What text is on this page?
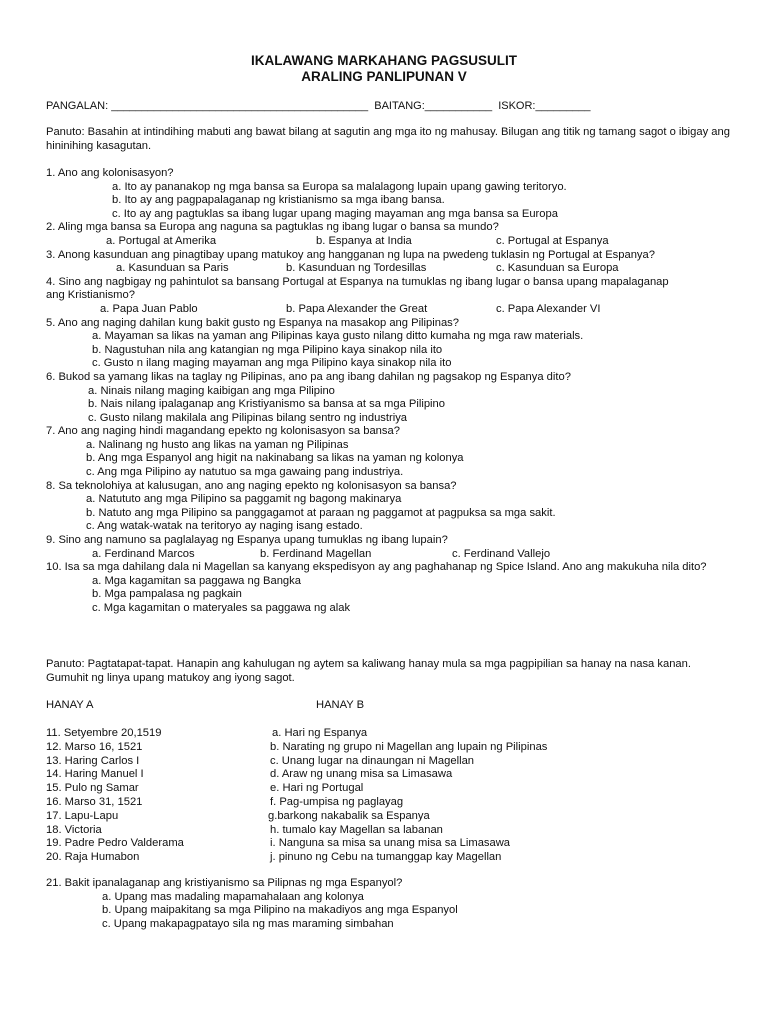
IKALAWANG MARKAHANG PAGSUSULIT
ARALING PANLIPUNAN V
PANGALAN: __________________________________________  BAITANG:___________  ISKOR:_________
Panuto: Basahin at intindihing mabuti ang bawat bilang at sagutin ang mga ito ng mahusay. Bilugan ang titik ng tamang sagot o ibigay ang hininihing kasagutan.
1. Ano ang kolonisasyon?
a. Ito ay pananakop ng mga bansa sa Europa sa malalagong lupain upang gawing teritoryo.
b. Ito ay ang pagpapalaganap ng kristianismo sa mga ibang bansa.
c. Ito ay ang pagtuklas sa ibang lugar upang maging mayaman ang mga bansa sa Europa
2. Aling mga bansa sa Europa ang naguna sa pagtuklas ng ibang lugar o bansa sa mundo?
a. Portugal at Amerika	b. Espanya at India	c. Portugal at Espanya
3. Anong kasunduan ang pinagtibay upang matukoy ang hangganan ng lupa na pwedeng tuklasin ng Portugal at Espanya?
a. Kasunduan sa Paris	b. Kasunduan ng Tordesillas	c. Kasunduan sa Europa
4. Sino ang nagbigay ng pahintulot sa bansang Portugal at Espanya na tumuklas ng ibang lugar o bansa upang mapalaganap ang Kristianismo?
a. Papa Juan Pablo	b. Papa Alexander the Great	c. Papa Alexander VI
5. Ano ang naging dahilan kung bakit gusto ng Espanya na masakop ang Pilipinas?
a. Mayaman sa likas na yaman ang Pilipinas kaya gusto nilang ditto kumaha ng mga raw materials.
b. Nagustuhan nila ang katangian ng mga Pilipino kaya sinakop nila ito
c. Gusto n ilang maging mayaman ang mga Pilipino kaya sinakop nila ito
6. Bukod sa yamang likas na taglay ng Pilipinas, ano pa ang ibang dahilan ng pagsakop ng Espanya dito?
a. Ninais nilang maging kaibigan ang mga Pilipino
b. Nais nilang ipalaganap ang Kristiyanismo sa bansa at sa mga Pilipino
c. Gusto nilang makilala ang Pilipinas bilang sentro ng industriya
7. Ano ang naging hindi magandang epekto ng kolonisasyon sa bansa?
a. Nalinang ng husto ang likas na yaman ng Pilipinas
b. Ang mga Espanyol ang higit na nakinabang sa likas na yaman ng kolonya
c. Ang mga Pilipino ay natutuo sa mga gawaing pang industriya.
8. Sa teknolohiya at kalusugan, ano ang naging epekto ng kolonisasyon sa bansa?
a. Natututo ang mga Pilipino sa paggamit ng bagong makinarya
b. Natuto ang mga Pilipino sa panggagamot at paraan ng paggamot at pagpuksa sa mga sakit.
c. Ang watak-watak na teritoryo ay naging isang estado.
9. Sino ang namuno sa paglalayag ng Espanya upang tumuklas ng ibang lupain?
a. Ferdinand Marcos	b. Ferdinand Magellan	c. Ferdinand Vallejo
10. Isa sa mga dahilang dala ni Magellan sa kanyang ekspedisyon ay ang paghahanap ng Spice Island. Ano ang makukuha nila dito?
a. Mga kagamitan sa paggawa ng Bangka
b. Mga pampalasa ng pagkain
c. Mga kagamitan o materyales sa paggawa ng alak
Panuto: Pagtatapat-tapat. Hanapin ang kahulugan ng aytem sa kaliwang hanay mula sa mga pagpipilian sa hanay na nasa kanan. Gumuhit ng linya upang matukoy ang iyong sagot.
HANAY A	HANAY B
11. Setyembre 20,1519	a. Hari ng Espanya
12. Marso 16, 1521	b. Narating ng grupo ni Magellan ang lupain ng Pilipinas
13. Haring Carlos I	c. Unang lugar na dinaungan ni Magellan
14. Haring Manuel I	d. Araw ng unang misa sa Limasawa
15. Pulo ng Samar	e. Hari ng Portugal
16. Marso 31, 1521	f. Pag-umpisa ng paglayag
17. Lapu-Lapu	g.barkong nakabalik sa Espanya
18. Victoria	h. tumalo kay Magellan sa labanan
19. Padre Pedro Valderama	i. Nanguna sa misa sa unang misa sa Limasawa
20. Raja Humabon	j. pinuno ng Cebu na tumanggap kay Magellan
21. Bakit ipanalaganap ang kristiyanismo sa Pilipnas ng mga Espanyol?
a. Upang mas madaling mapamahalaan ang kolonya
b. Upang maipakitang sa mga Pilipino na makadiyos ang mga Espanyol
c. Upang makapagpatayo sila ng mas maraming simbahan
